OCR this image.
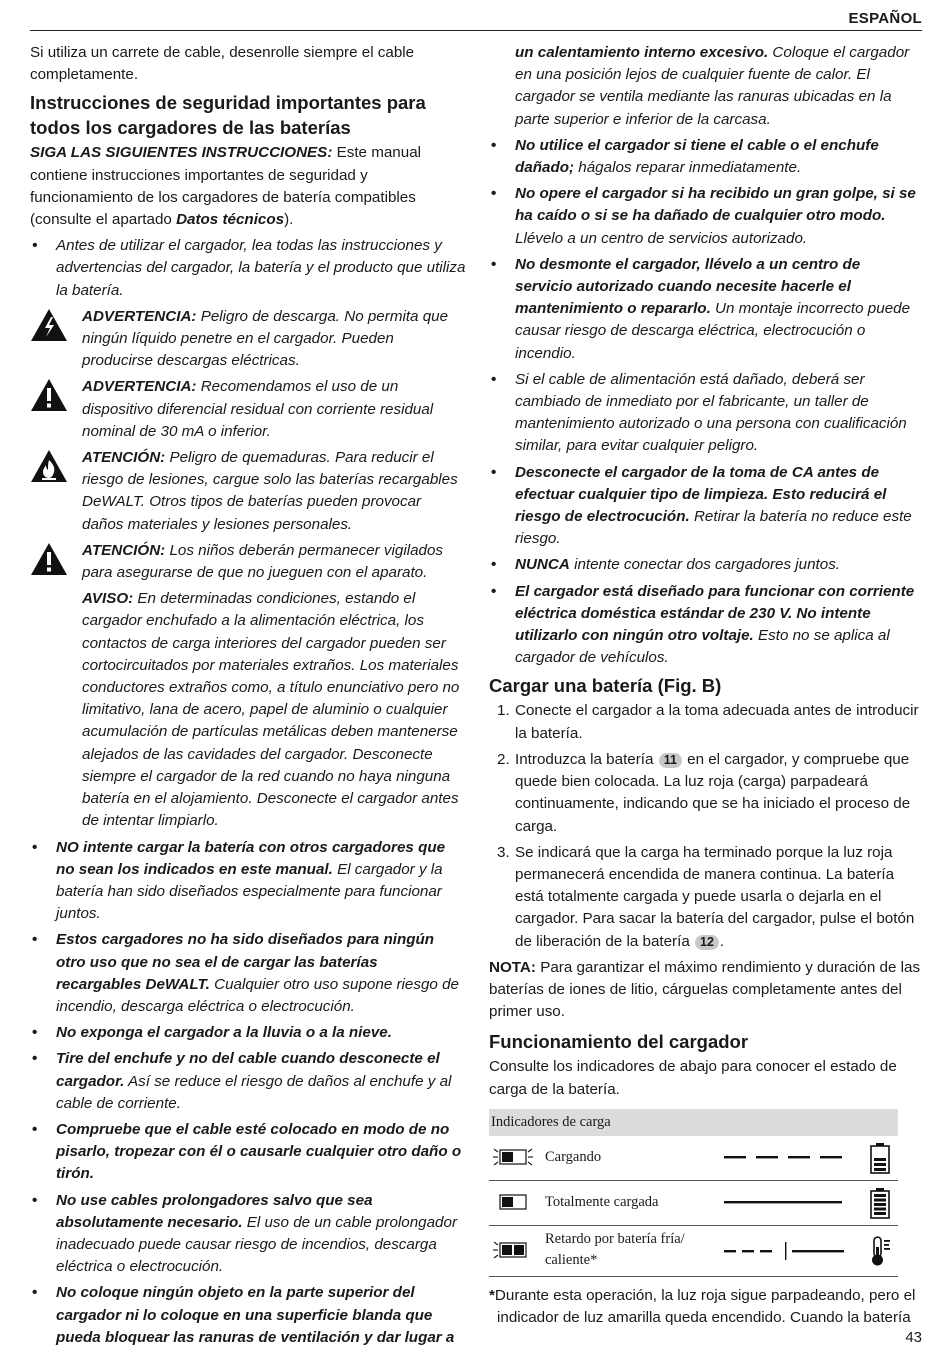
ESPAÑOL

Si utiliza un carrete de cable, desenrolle siempre el cable completamente.

Instrucciones de seguridad importantes para todos los cargadores de las baterías

SIGA LAS SIGUIENTES INSTRUCCIONES: Este manual contiene instrucciones importantes de seguridad y funcionamiento de los cargadores de batería compatibles (consulte el apartado Datos técnicos).

• Antes de utilizar el cargador, lea todas las instrucciones y advertencias del cargador, la batería y el producto que utiliza la batería.
ADVERTENCIA: Peligro de descarga. No permita que ningún líquido penetre en el cargador. Pueden producirse descargas eléctricas.
ADVERTENCIA: Recomendamos el uso de un dispositivo diferencial residual con corriente residual nominal de 30 mA o inferior.
ATENCIÓN: Peligro de quemaduras. Para reducir el riesgo de lesiones, cargue solo las baterías recargables DeWALT. Otros tipos de baterías pueden provocar daños materiales y lesiones personales.
ATENCIÓN: Los niños deberán permanecer vigilados para asegurarse de que no jueguen con el aparato.
AVISO: En determinadas condiciones, estando el cargador enchufado a la alimentación eléctrica, los contactos de carga interiores del cargador pueden ser cortocircuitados por materiales extraños. Los materiales conductores extraños como, a título enunciativo pero no limitativo, lana de acero, papel de aluminio o cualquier acumulación de partículas metálicas deben mantenerse alejados de las cavidades del cargador. Desconecte siempre el cargador de la red cuando no haya ninguna batería en el alojamiento. Desconecte el cargador antes de intentar limpiarlo.
• NO intente cargar la batería con otros cargadores que no sean los indicados en este manual. El cargador y la batería han sido diseñados especialmente para funcionar juntos.
• Estos cargadores no ha sido diseñados para ningún otro uso que no sea el de cargar las baterías recargables DeWALT. Cualquier otro uso supone riesgo de incendio, descarga eléctrica o electrocución.
• No exponga el cargador a la lluvia o a la nieve.
• Tire del enchufe y no del cable cuando desconecte el cargador. Así se reduce el riesgo de daños al enchufe y al cable de corriente.
• Compruebe que el cable esté colocado en modo de no pisarlo, tropezar con él o causarle cualquier otro daño o tirón.
• No use cables prolongadores salvo que sea absolutamente necesario. El uso de un cable prolongador inadecuado puede causar riesgo de incendios, descarga eléctrica o electrocución.
• No coloque ningún objeto en la parte superior del cargador ni lo coloque en una superficie blanda que pueda bloquear las ranuras de ventilación y dar lugar a

un calentamiento interno excesivo. Coloque el cargador en una posición lejos de cualquier fuente de calor. El cargador se ventila mediante las ranuras ubicadas en la parte superior e inferior de la carcasa.

• No utilice el cargador si tiene el cable o el enchufe dañado; hágalos reparar inmediatamente.
• No opere el cargador si ha recibido un gran golpe, si se ha caído o si se ha dañado de cualquier otro modo. Llévelo a un centro de servicios autorizado.
• No desmonte el cargador, llévelo a un centro de servicio autorizado cuando necesite hacerle el mantenimiento o repararlo. Un montaje incorrecto puede causar riesgo de descarga eléctrica, electrocución o incendio.
• Si el cable de alimentación está dañado, deberá ser cambiado de inmediato por el fabricante, un taller de mantenimiento autorizado o una persona con cualificación similar, para evitar cualquier peligro.
• Desconecte el cargador de la toma de CA antes de efectuar cualquier tipo de limpieza. Esto reducirá el riesgo de electrocución. Retirar la batería no reduce este riesgo.
• NUNCA intente conectar dos cargadores juntos.
• El cargador está diseñado para funcionar con corriente eléctrica doméstica estándar de 230 V. No intente utilizarlo con ningún otro voltaje. Esto no se aplica al cargador de vehículos.
Cargar una batería (Fig. B)
1. Conecte el cargador a la toma adecuada antes de introducir la batería.
2. Introduzca la batería 11 en el cargador, y compruebe que quede bien colocada. La luz roja (carga) parpadeará continuamente, indicando que se ha iniciado el proceso de carga.
3. Se indicará que la carga ha terminado porque la luz roja permanecerá encendida de manera continua. La batería está totalmente cargada y puede usarla o dejarla en el cargador. Para sacar la batería del cargador, pulse el botón de liberación de la batería 12 .

NOTA: Para garantizar el máximo rendimiento y duración de las baterías de iones de litio, cárguelas completamente antes del primer uso.

Funcionamiento del cargador

Consulte los indicadores de abajo para conocer el estado de carga de la batería.

Indicadores de carga
Cargando
Totalmente cargada
Retardo por batería fría/ caliente*

*Durante esta operación, la luz roja sigue parpadeando, pero el indicador de luz amarilla queda encendido. Cuando la batería

43
